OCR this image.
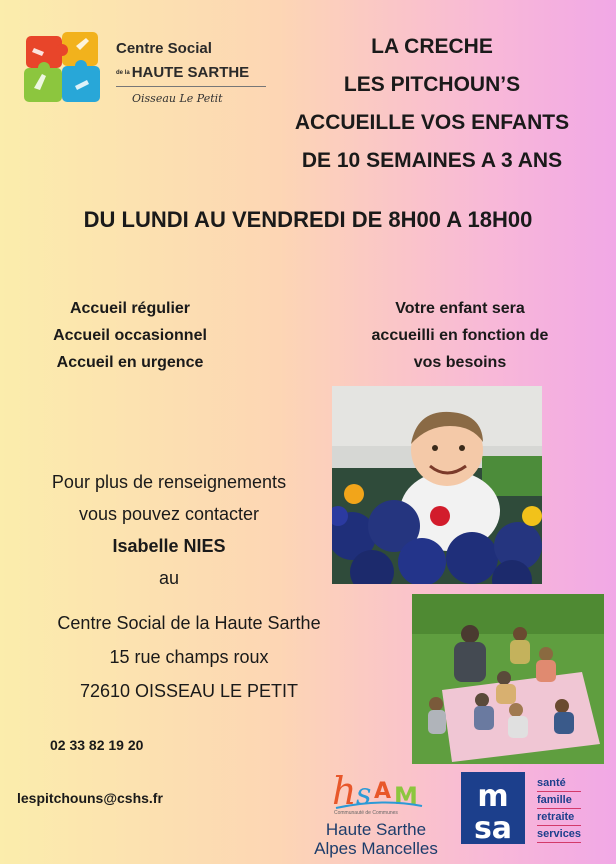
Centre Social
de la HAUTE SARTHE
Oisseau Le Petit
LA CRECHE
LES PITCHOUN’S
ACCUEILLE VOS ENFANTS
DE 10 SEMAINES A 3 ANS
DU LUNDI AU VENDREDI DE 8H00 A 18H00
Accueil régulier
Accueil occasionnel
Accueil en urgence
Votre enfant sera
accueilli en fonction de
vos besoins
Pour plus de renseignements
vous pouvez contacter
Isabelle NIES
au
Centre Social de la Haute Sarthe
15 rue champs roux
72610 OISSEAU LE PETIT
02 33 82 19 20
lespitchouns@cshs.fr	h s A M
Communauté de Communes
Haute Sarthe
Alpes Mancelles
m
sa
santé
famille
retraite
services
